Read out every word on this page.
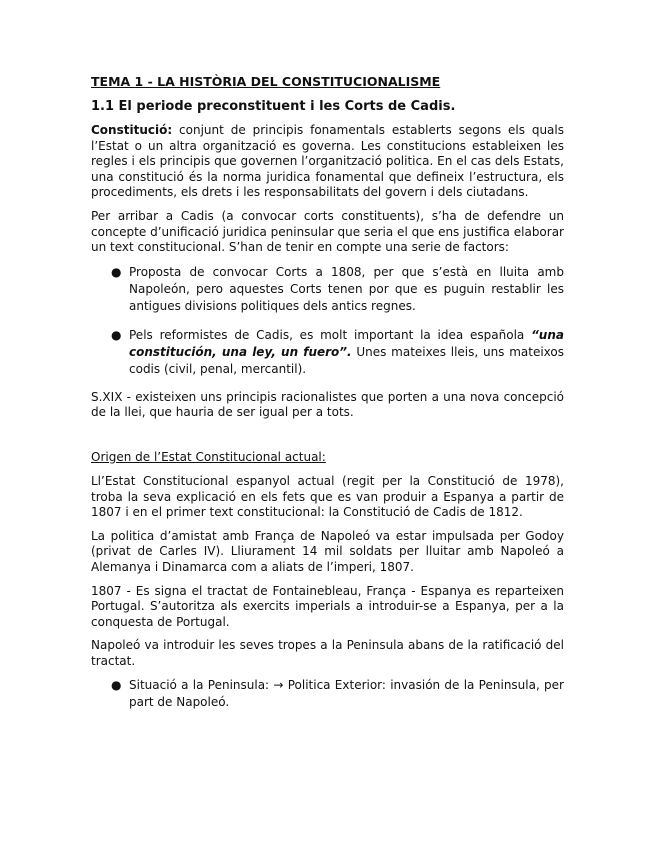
TEMA 1 - LA HISTÒRIA DEL CONSTITUCIONALISME
1.1 El periode preconstituent i les Corts de Cadis.

Constitució: conjunt de principis fonamentals establerts segons els quals l’Estat o un altra organització es governa. Les constitucions estableixen les regles i els principis que governen l’organització politica. En el cas dels Estats, una constitució és la norma juridica fonamental que defineix l’estructura, els procediments, els drets i les responsabilitats del govern i dels ciutadans.

Per arribar a Cadis (a convocar corts constituents), s’ha de defendre un concepte d’unificació juridica peninsular que seria el que ens justifica elaborar un text constitucional. S’han de tenir en compte una serie de factors:

● Proposta de convocar Corts a 1808, per que s’està en lluita amb Napoleón, pero aquestes Corts tenen por que es puguin restablir les antigues divisions politiques dels antics regnes.
● Pels reformistes de Cadis, es molt important la idea española “una constitución, una ley, un fuero”. Unes mateixes lleis, uns mateixos codis (civil, penal, mercantil).

S.XIX - existeixen uns principis racionalistes que porten a una nova concepció de la llei, que hauria de ser igual per a tots.

Origen de l’Estat Constitucional actual:

Ll’Estat Constitucional espanyol actual (regit per la Constitució de 1978), troba la seva explicació en els fets que es van produir a Espanya a partir de 1807 i en el primer text constitucional: la Constitució de Cadis de 1812.

La politica d’amistat amb França de Napoleó va estar impulsada per Godoy (privat de Carles IV). Lliurament 14 mil soldats per lluitar amb Napoleó a Alemanya i Dinamarca com a aliats de l’imperi, 1807.

1807 - Es signa el tractat de Fontainebleau, França - Espanya es reparteixen Portugal. S’autoritza als exercits imperials a introduir-se a Espanya, per a la conquesta de Portugal.

Napoleó va introduir les seves tropes a la Peninsula abans de la ratificació del tractat.

● Situació a la Peninsula: → Politica Exterior: invasión de la Peninsula, per part de Napoleó.
